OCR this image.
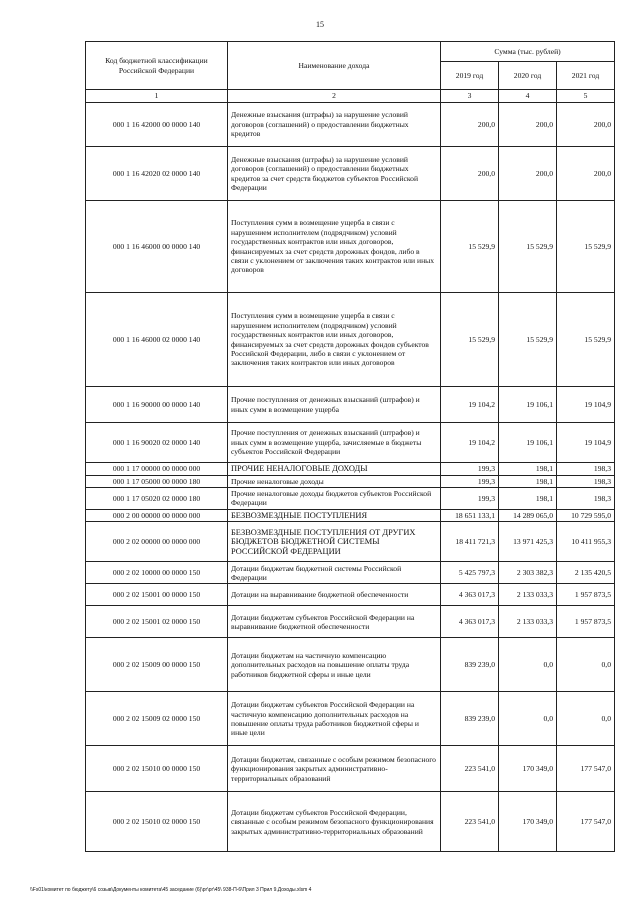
15
Код бюджетной классификации Российской Федерации	Наименование дохода	Сумма (тыс. рублей)		
		2019 год	2020 год	2021 год
1	2	3	4	5
000 1 16 42000 00 0000 140	Денежные взыскания (штрафы) за нарушение условий договоров (соглашений) о предоставлении бюджетных кредитов	200,0	200,0	200,0
000 1 16 42020 02 0000 140	Денежные взыскания (штрафы) за нарушение условий договоров (соглашений) о предоставлении бюджетных кредитов за счет средств бюджетов субъектов Российской Федерации	200,0	200,0	200,0
000 1 16 46000 00 0000 140	Поступления сумм в возмещение ущерба в связи с нарушением исполнителем (подрядчиком) условий государственных контрактов или иных договоров, финансируемых за счет средств дорожных фондов, либо в связи с уклонением от заключения таких контрактов или иных договоров	15 529,9	15 529,9	15 529,9
000 1 16 46000 02 0000 140	Поступления сумм в возмещение ущерба в связи с нарушением исполнителем (подрядчиком) условий государственных контрактов или иных договоров, финансируемых за счет средств дорожных фондов субъектов Российской Федерации, либо в связи с уклонением от заключения таких контрактов или иных договоров	15 529,9	15 529,9	15 529,9
000 1 16 90000 00 0000 140	Прочие поступления от денежных взысканий (штрафов) и иных сумм в возмещение ущерба	19 104,2	19 106,1	19 104,9
000 1 16 90020 02 0000 140	Прочие поступления от денежных взысканий (штрафов) и иных сумм в возмещение ущерба, зачисляемые в бюджеты субъектов Российской Федерации	19 104,2	19 106,1	19 104,9
000 1 17 00000 00 0000 000	ПРОЧИЕ НЕНАЛОГОВЫЕ ДОХОДЫ	199,3	198,1	198,3
000 1 17 05000 00 0000 180	Прочие неналоговые доходы	199,3	198,1	198,3
000 1 17 05020 02 0000 180	Прочие неналоговые доходы бюджетов субъектов Российской Федерации	199,3	198,1	198,3
000 2 00 00000 00 0000 000	БЕЗВОЗМЕЗДНЫЕ ПОСТУПЛЕНИЯ	18 651 133,1	14 289 065,0	10 729 595,0
000 2 02 00000 00 0000 000	БЕЗВОЗМЕЗДНЫЕ ПОСТУПЛЕНИЯ ОТ ДРУГИХ БЮДЖЕТОВ БЮДЖЕТНОЙ СИСТЕМЫ РОССИЙСКОЙ ФЕДЕРАЦИИ	18 411 721,3	13 971 425,3	10 411 955,3
000 2 02 10000 00 0000 150	Дотации бюджетам бюджетной системы Российской Федерации	5 425 797,3	2 303 382,3	2 135 420,5
000 2 02 15001 00 0000 150	Дотации на выравнивание бюджетной обеспеченности	4 363 017,3	2 133 033,3	1 957 873,5
000 2 02 15001 02 0000 150	Дотации бюджетам субъектов Российской Федерации на выравнивание бюджетной обеспеченности	4 363 017,3	2 133 033,3	1 957 873,5
000 2 02 15009 00 0000 150	Дотации бюджетам на частичную компенсацию дополнительных расходов на повышение оплаты труда работников бюджетной сферы и иные цели	839 239,0	0,0	0,0
000 2 02 15009 02 0000 150	Дотации бюджетам субъектов Российской Федерации на частичную компенсацию дополнительных расходов на повышение оплаты труда работников бюджетной сферы и иные цели	839 239,0	0,0	0,0
000 2 02 15010 00 0000 150	Дотации бюджетам, связанные с особым режимом безопасного функционирования закрытых административно-территориальных образований	223 541,0	170 349,0	177 547,0
000 2 02 15010 02 0000 150	Дотации бюджетам субъектов Российской Федерации, связанные с особым режимом безопасного функционирования закрытых административно-территориальных образований	223 541,0	170 349,0	177 547,0
\\Fs01\комитет по бюджету\6 созыв\Документы комитета\45 заседание (6)\рг\рг\45\ 938-П-6\Прил 3 Прил 9.Доходы.xlsm 4
